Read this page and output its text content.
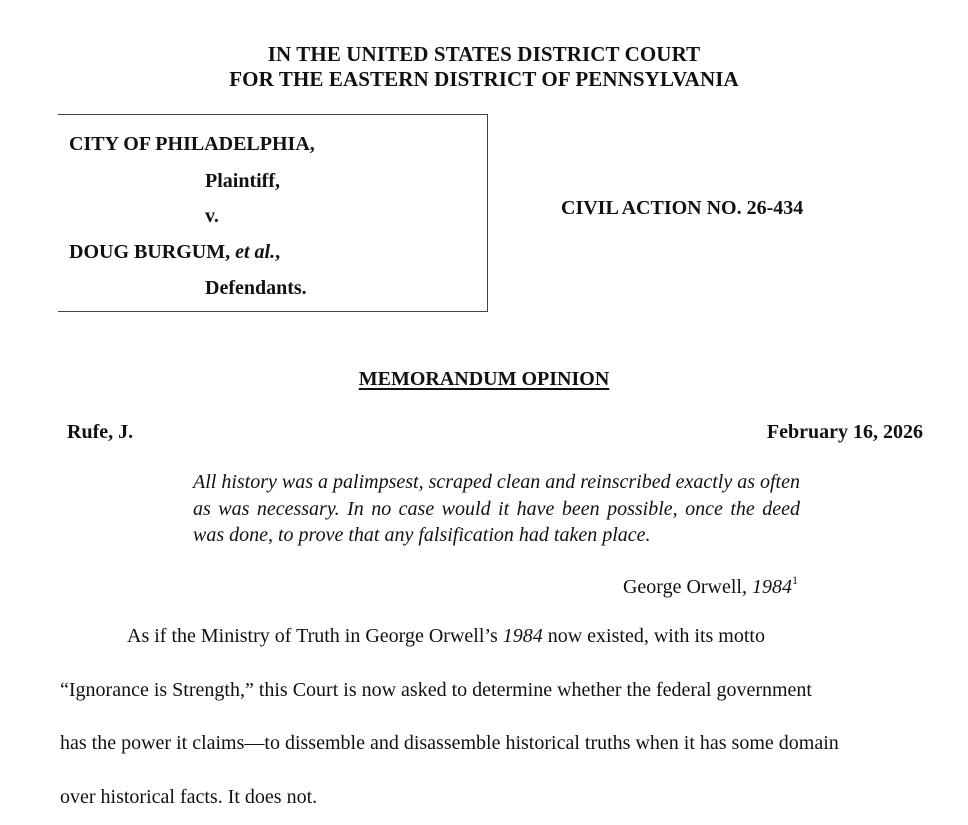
IN THE UNITED STATES DISTRICT COURT
FOR THE EASTERN DISTRICT OF PENNSYLVANIA
CITY OF PHILADELPHIA,
Plaintiff,
v.
DOUG BURGUM, et al.,
Defendants.
CIVIL ACTION NO. 26-434
MEMORANDUM OPINION
Rufe, J.	February 16, 2026
All history was a palimpsest, scraped clean and reinscribed exactly as often as was necessary. In no case would it have been possible, once the deed was done, to prove that any falsification had taken place.
George Orwell, 1984$^1$
As if the Ministry of Truth in George Orwell’s 1984 now existed, with its motto
“Ignorance is Strength,” this Court is now asked to determine whether the federal government
has the power it claims—to dissemble and disassemble historical truths when it has some domain
over historical facts. It does not.
